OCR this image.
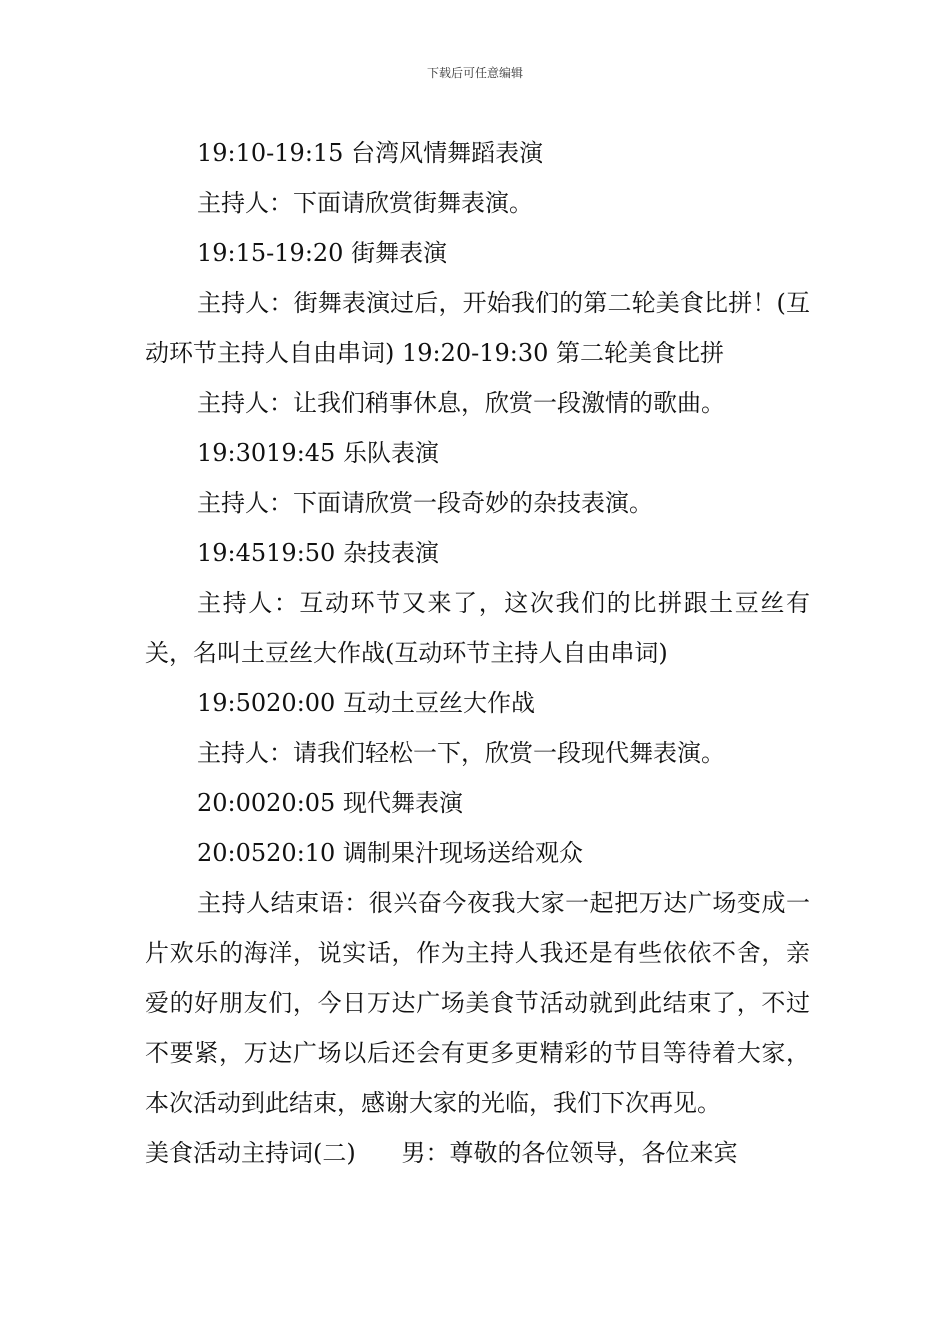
下载后可任意编辑

19:10-19:15 台湾风情舞蹈表演

主持人：下面请欣赏街舞表演。

19:15-19:20 街舞表演

主持人：街舞表演过后，开始我们的第二轮美食比拼！(互动环节主持人自由串词) 19:20-19:30 第二轮美食比拼

主持人：让我们稍事休息，欣赏一段激情的歌曲。

19:3019:45 乐队表演

主持人：下面请欣赏一段奇妙的杂技表演。

19:4519:50 杂技表演

主持人：互动环节又来了，这次我们的比拼跟土豆丝有关，名叫土豆丝大作战(互动环节主持人自由串词)

19:5020:00 互动土豆丝大作战

主持人：请我们轻松一下，欣赏一段现代舞表演。

20:0020:05 现代舞表演

20:0520:10 调制果汁现场送给观众

主持人结束语：很兴奋今夜我大家一起把万达广场变成一片欢乐的海洋，说实话，作为主持人我还是有些依依不舍，亲爱的好朋友们，今日万达广场美食节活动就到此结束了，不过不要紧，万达广场以后还会有更多更精彩的节目等待着大家，本次活动到此结束，感谢大家的光临，我们下次再见。

美食活动主持词(二)      男：尊敬的各位领导，各位来宾
